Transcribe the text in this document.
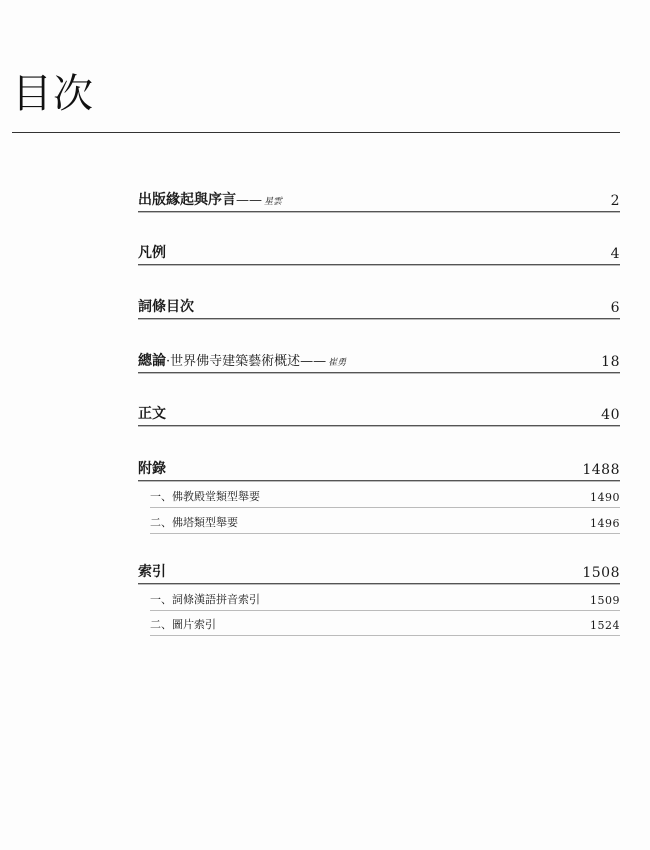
目次
出版緣起與序言—— 星雲	2
凡例	4
詞條目次	6
總論·世界佛寺建築藝術概述—— 崔勇	18
正文	40
附錄	1488
一、佛教殿堂類型舉要	1490
二、佛塔類型舉要	1496
索引	1508
一、詞條漢語拼音索引	1509
二、圖片索引	1524
